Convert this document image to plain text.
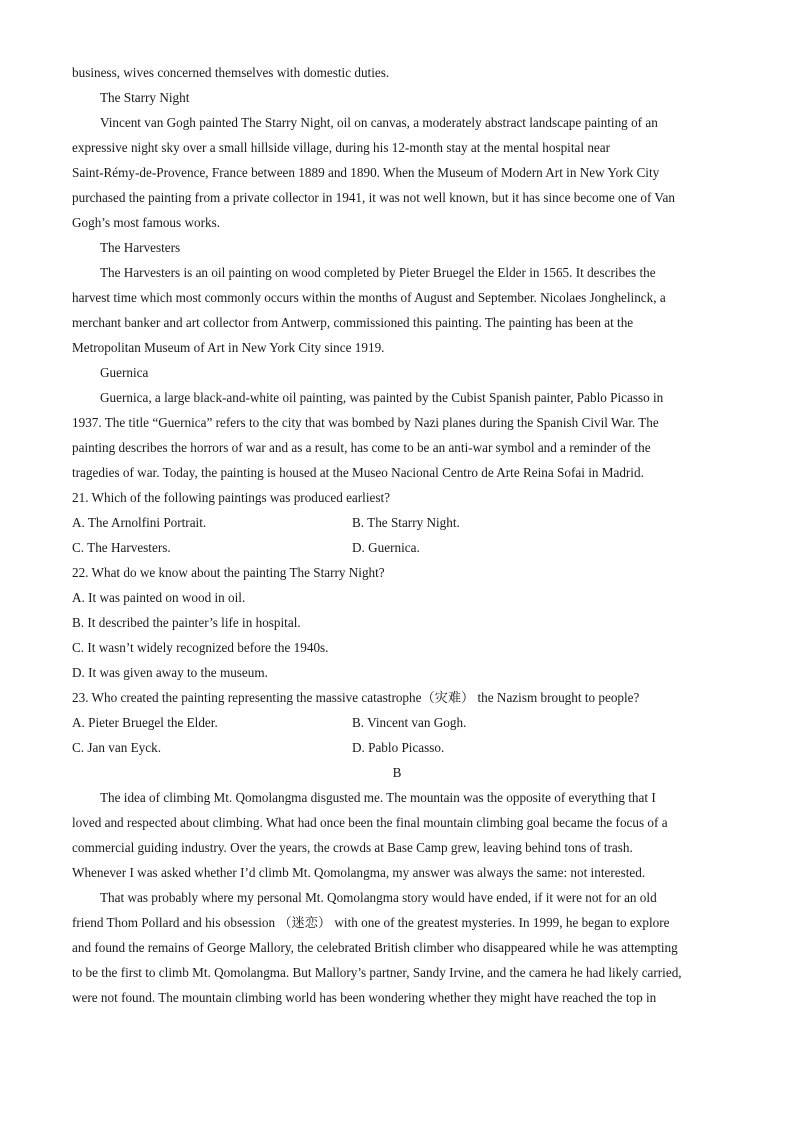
business, wives concerned themselves with domestic duties.
The Starry Night
Vincent van Gogh painted The Starry Night, oil on canvas, a moderately abstract landscape painting of an
expressive night sky over a small hillside village, during his 12-month stay at the mental hospital near
Saint-Rémy-de-Provence, France between 1889 and 1890. When the Museum of Modern Art in New York City
purchased the painting from a private collector in 1941, it was not well known, but it has since become one of Van
Gogh’s most famous works.
The Harvesters
The Harvesters is an oil painting on wood completed by Pieter Bruegel the Elder in 1565. It describes the
harvest time which most commonly occurs within the months of August and September. Nicolaes Jonghelinck, a
merchant banker and art collector from Antwerp, commissioned this painting. The painting has been at the
Metropolitan Museum of Art in New York City since 1919.
Guernica
Guernica, a large black-and-white oil painting, was painted by the Cubist Spanish painter, Pablo Picasso in
1937. The title “Guernica” refers to the city that was bombed by Nazi planes during the Spanish Civil War. The
painting describes the horrors of war and as a result, has come to be an anti-war symbol and a reminder of the
tragedies of war. Today, the painting is housed at the Museo Nacional Centro de Arte Reina Sofai in Madrid.
21. Which of the following paintings was produced earliest?
A. The Arnolfini Portrait.	B. The Starry Night.
C. The Harvesters.	D. Guernica.
22. What do we know about the painting The Starry Night?
A. It was painted on wood in oil.
B. It described the painter’s life in hospital.
C. It wasn’t widely recognized before the 1940s.
D. It was given away to the museum.
23. Who created the painting representing the massive catastrophe（灾难） the Nazism brought to people?
A. Pieter Bruegel the Elder.	B. Vincent van Gogh.
C. Jan van Eyck.	D. Pablo Picasso.
B
The idea of climbing Mt. Qomolangma disgusted me. The mountain was the opposite of everything that I
loved and respected about climbing. What had once been the final mountain climbing goal became the focus of a
commercial guiding industry. Over the years, the crowds at Base Camp grew, leaving behind tons of trash.
Whenever I was asked whether I’d climb Mt. Qomolangma, my answer was always the same: not interested.
That was probably where my personal Mt. Qomolangma story would have ended, if it were not for an old
friend Thom Pollard and his obsession （迷恋） with one of the greatest mysteries. In 1999, he began to explore
and found the remains of George Mallory, the celebrated British climber who disappeared while he was attempting
to be the first to climb Mt. Qomolangma. But Mallory’s partner, Sandy Irvine, and the camera he had likely carried,
were not found. The mountain climbing world has been wondering whether they might have reached the top in
